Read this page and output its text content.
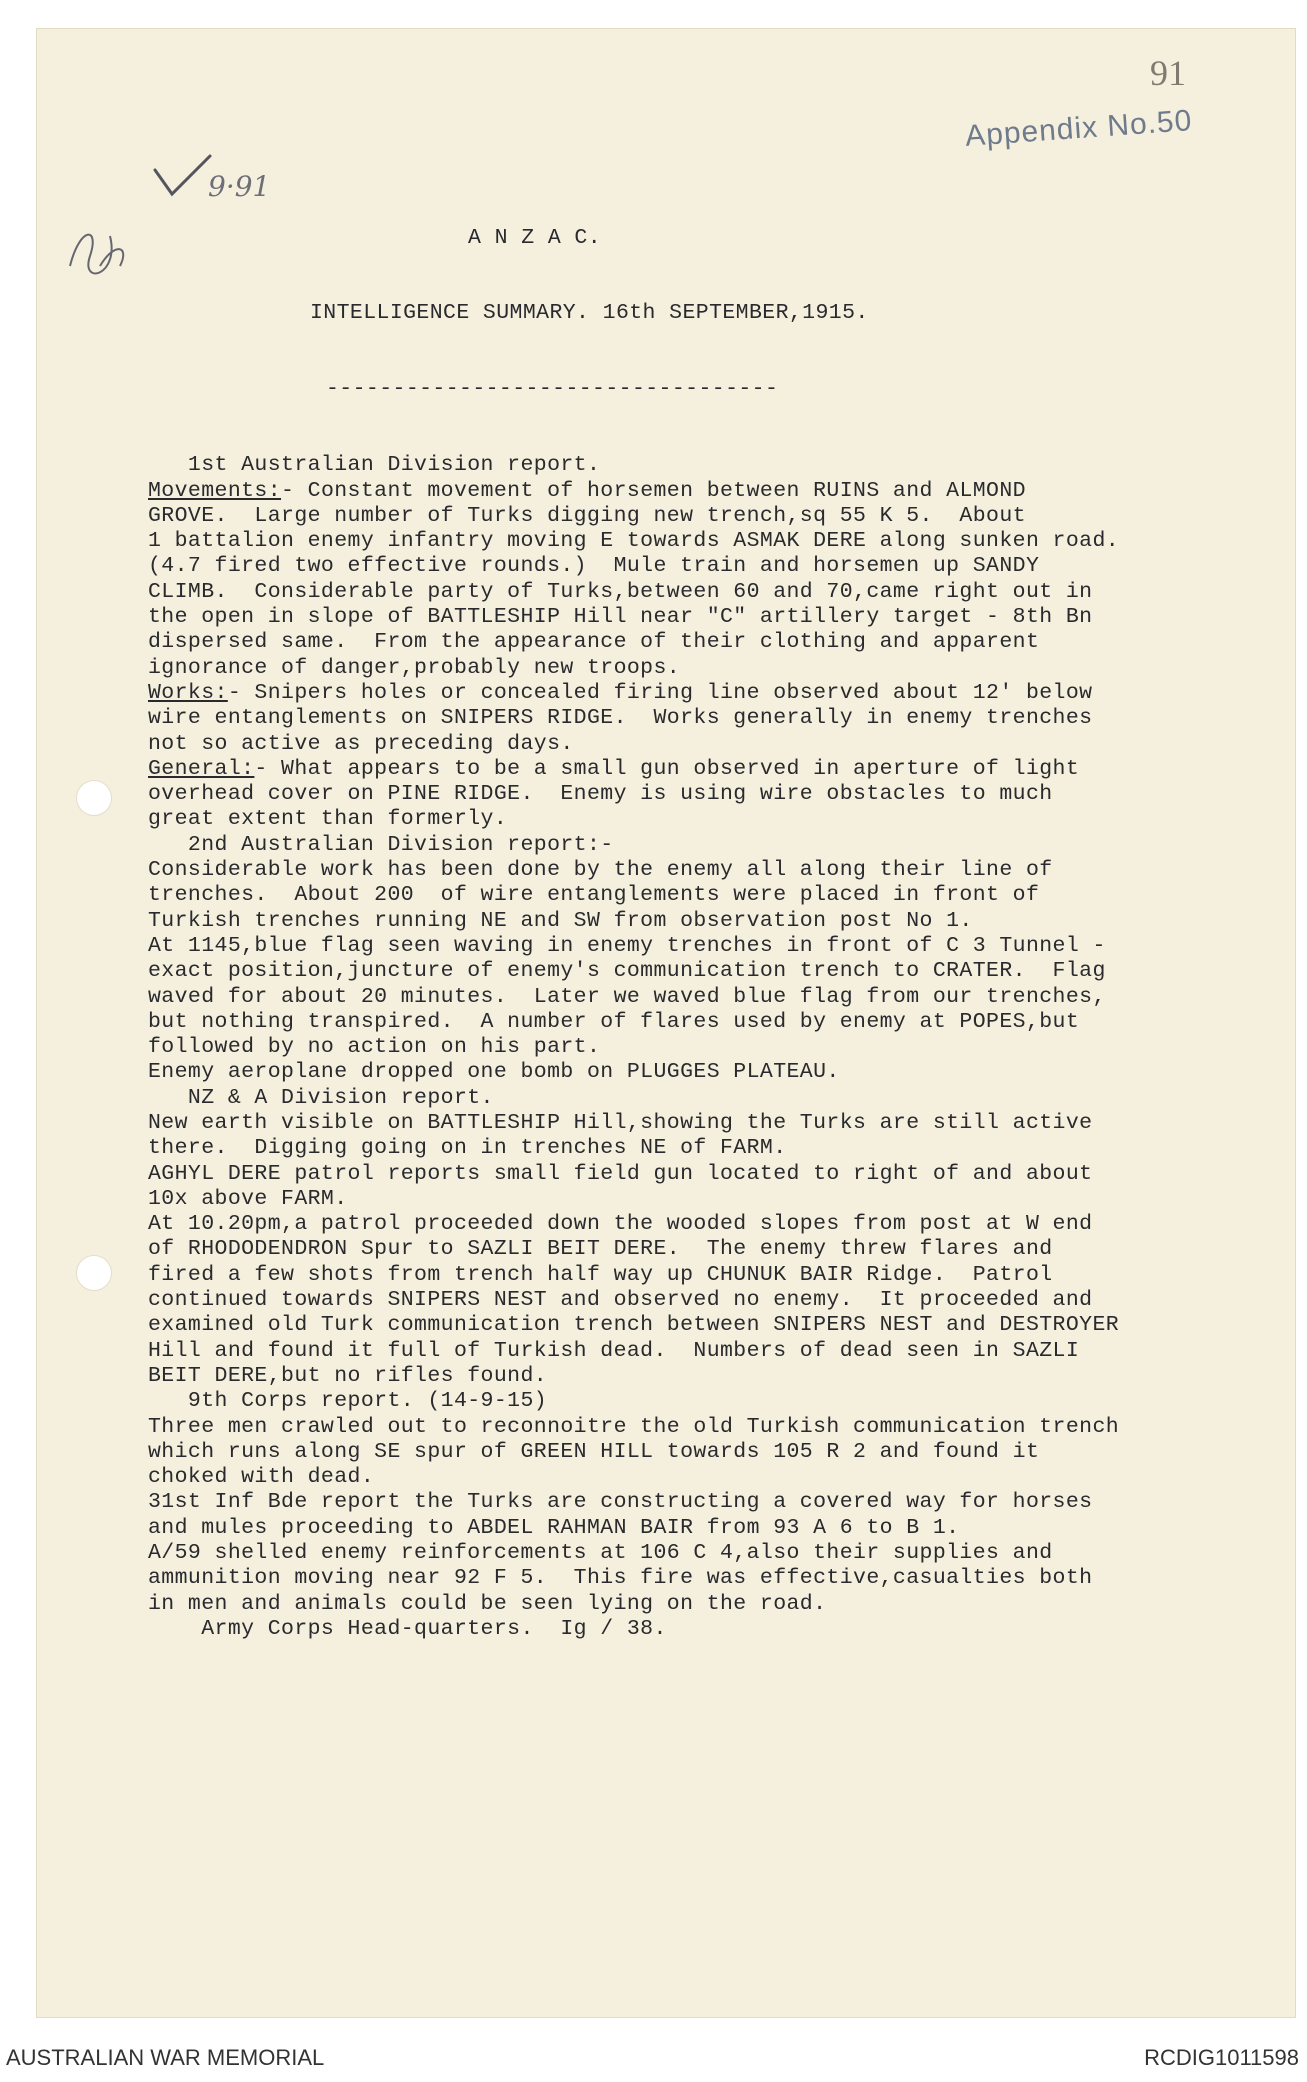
91
Appendix No.50
9·91

A N Z A C.

INTELLIGENCE SUMMARY. 16th SEPTEMBER,1915.

----------------------------------

1st Australian Division report.
Movements:- Constant movement of horsemen between RUINS and ALMOND
GROVE.  Large number of Turks digging new trench,sq 55 K 5.  About
1 battalion enemy infantry moving E towards ASMAK DERE along sunken road.
(4.7 fired two effective rounds.)  Mule train and horsemen up SANDY
CLIMB.  Considerable party of Turks,between 60 and 70,came right out in
the open in slope of BATTLESHIP Hill near "C" artillery target - 8th Bn
dispersed same.  From the appearance of their clothing and apparent
ignorance of danger,probably new troops.
Works:- Snipers holes or concealed firing line observed about 12' below
wire entanglements on SNIPERS RIDGE.  Works generally in enemy trenches
not so active as preceding days.
General:- What appears to be a small gun observed in aperture of light
overhead cover on PINE RIDGE.  Enemy is using wire obstacles to much
great extent than formerly.
2nd Australian Division report:-
Considerable work has been done by the enemy all along their line of
trenches.  About 200  of wire entanglements were placed in front of
Turkish trenches running NE and SW from observation post No 1.
At 1145,blue flag seen waving in enemy trenches in front of C 3 Tunnel -
exact position,juncture of enemy's communication trench to CRATER.  Flag
waved for about 20 minutes.  Later we waved blue flag from our trenches,
but nothing transpired.  A number of flares used by enemy at POPES,but
followed by no action on his part.
Enemy aeroplane dropped one bomb on PLUGGES PLATEAU.
NZ & A Division report.
New earth visible on BATTLESHIP Hill,showing the Turks are still active
there.  Digging going on in trenches NE of FARM.
AGHYL DERE patrol reports small field gun located to right of and about
10x above FARM.
At 10.20pm,a patrol proceeded down the wooded slopes from post at W end
of RHODODENDRON Spur to SAZLI BEIT DERE.  The enemy threw flares and
fired a few shots from trench half way up CHUNUK BAIR Ridge.  Patrol
continued towards SNIPERS NEST and observed no enemy.  It proceeded and
examined old Turk communication trench between SNIPERS NEST and DESTROYER
Hill and found it full of Turkish dead.  Numbers of dead seen in SAZLI
BEIT DERE,but no rifles found.
9th Corps report. (14-9-15)
Three men crawled out to reconnoitre the old Turkish communication trench
which runs along SE spur of GREEN HILL towards 105 R 2 and found it
choked with dead.
31st Inf Bde report the Turks are constructing a covered way for horses
and mules proceeding to ABDEL RAHMAN BAIR from 93 A 6 to B 1.
A/59 shelled enemy reinforcements at 106 C 4,also their supplies and
ammunition moving near 92 F 5.  This fire was effective,casualties both
in men and animals could be seen lying on the road.
Army Corps Head-quarters.  Ig / 38.

AUSTRALIAN WAR MEMORIAL	RCDIG1011598
